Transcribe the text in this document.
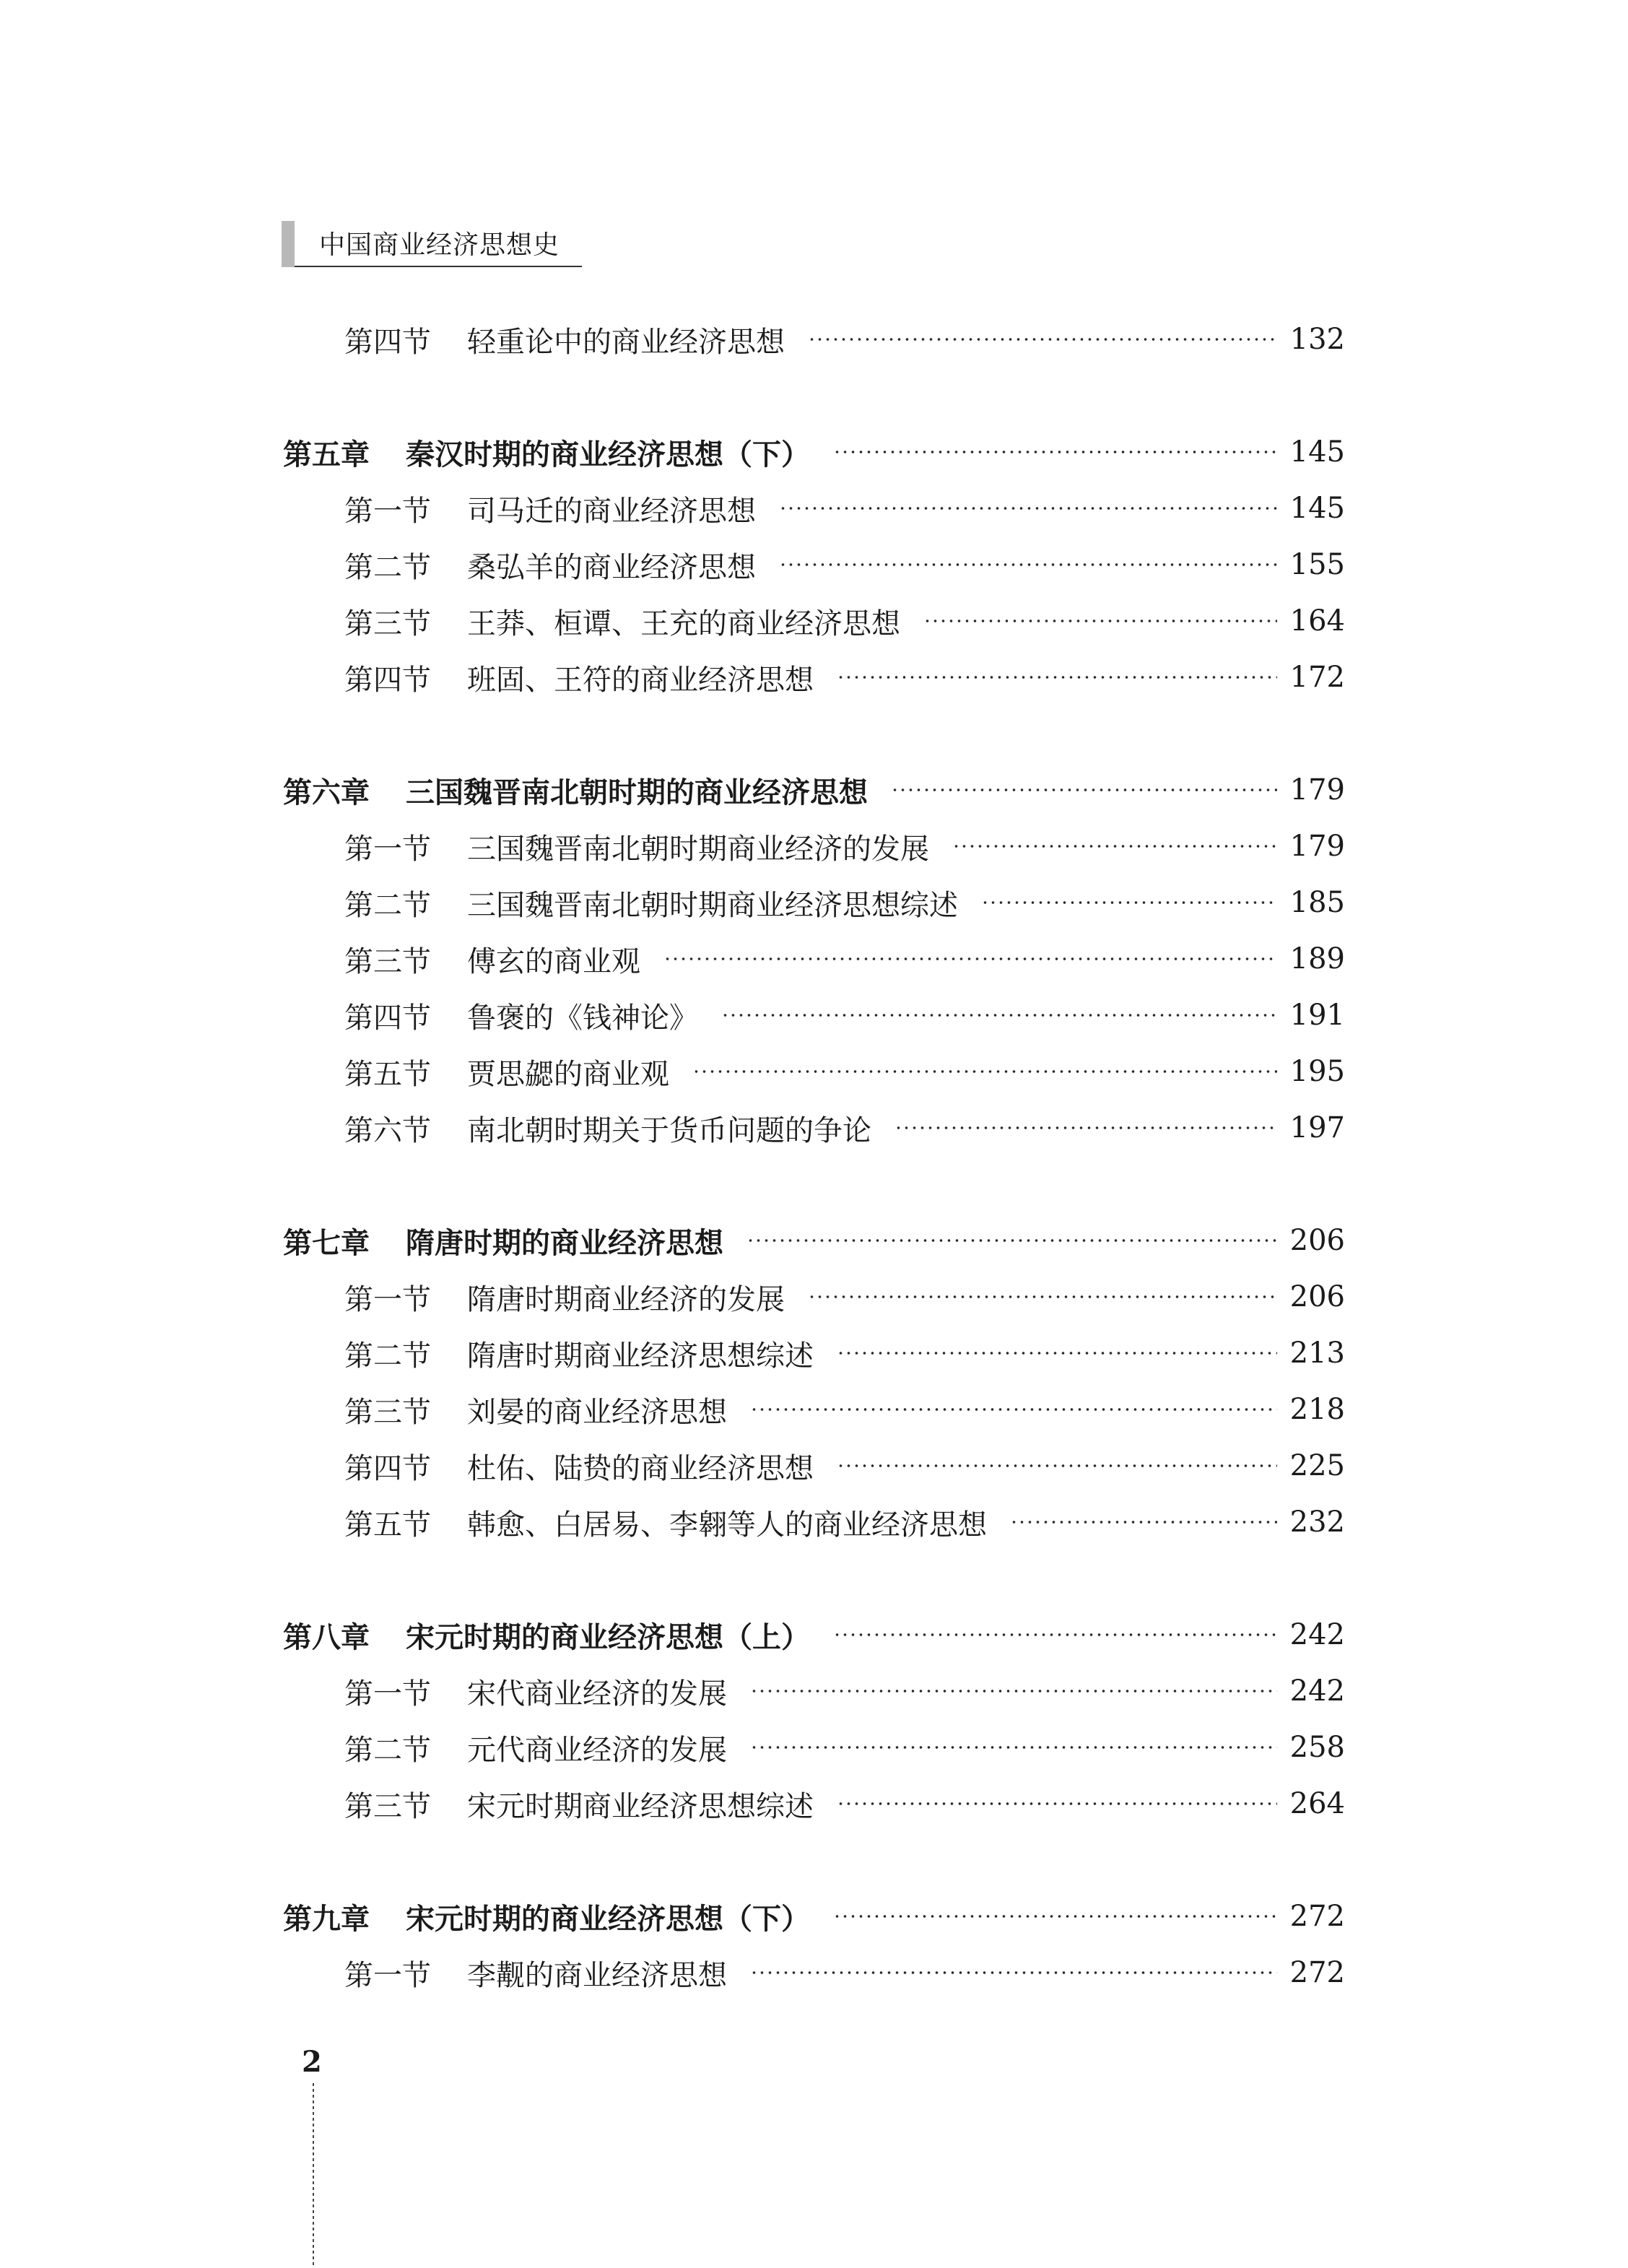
中国商业经济思想史
第四节 轻重论中的商业经济思想	132
第五章 秦汉时期的商业经济思想（下）	145
第一节 司马迁的商业经济思想	145
第二节 桑弘羊的商业经济思想	155
第三节 王莽、桓谭、王充的商业经济思想	164
第四节 班固、王符的商业经济思想	172
第六章 三国魏晋南北朝时期的商业经济思想	179
第一节 三国魏晋南北朝时期商业经济的发展	179
第二节 三国魏晋南北朝时期商业经济思想综述	185
第三节 傅玄的商业观	189
第四节 鲁褒的《钱神论》	191
第五节 贾思勰的商业观	195
第六节 南北朝时期关于货币问题的争论	197
第七章 隋唐时期的商业经济思想	206
第一节 隋唐时期商业经济的发展	206
第二节 隋唐时期商业经济思想综述	213
第三节 刘晏的商业经济思想	218
第四节 杜佑、陆贽的商业经济思想	225
第五节 韩愈、白居易、李翱等人的商业经济思想	232
第八章 宋元时期的商业经济思想（上）	242
第一节 宋代商业经济的发展	242
第二节 元代商业经济的发展	258
第三节 宋元时期商业经济思想综述	264
第九章 宋元时期的商业经济思想（下）	272
第一节 李觏的商业经济思想	272
2
